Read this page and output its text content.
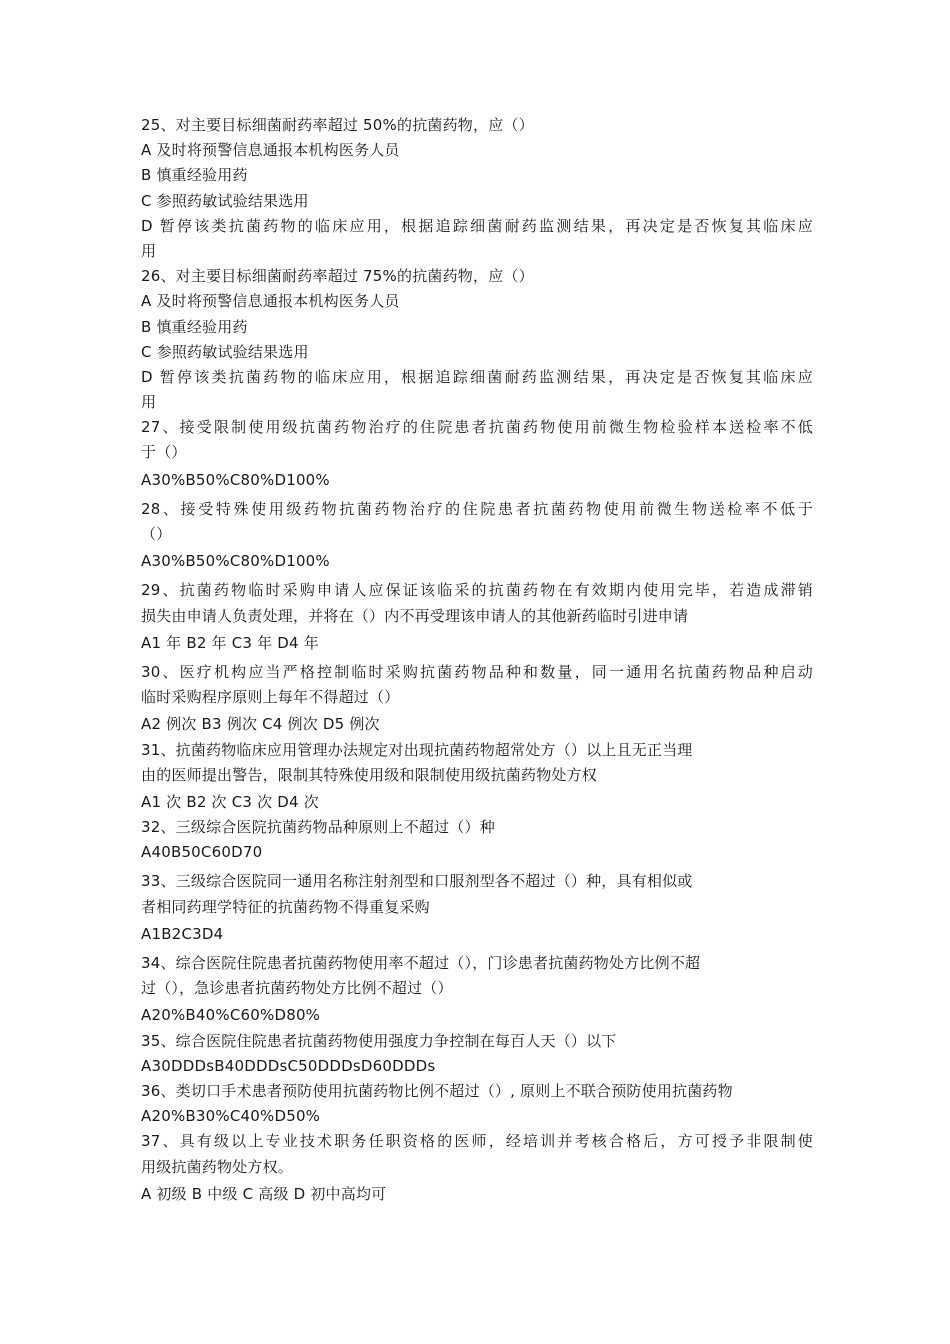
25、对主要目标细菌耐药率超过 50%的抗菌药物，应（）
A 及时将预警信息通报本机构医务人员
B 慎重经验用药
C 参照药敏试验结果选用
D 暂停该类抗菌药物的临床应用，根据追踪细菌耐药监测结果，再决定是否恢复其临床应
用
26、对主要目标细菌耐药率超过 75%的抗菌药物，应（）
A 及时将预警信息通报本机构医务人员
B 慎重经验用药
C 参照药敏试验结果选用
D 暂停该类抗菌药物的临床应用，根据追踪细菌耐药监测结果，再决定是否恢复其临床应
用
27、接受限制使用级抗菌药物治疗的住院患者抗菌药物使用前微生物检验样本送检率不低
于（）
A30%B50%C80%D100%
28、接受特殊使用级药物抗菌药物治疗的住院患者抗菌药物使用前微生物送检率不低于
（）
A30%B50%C80%D100%
29、抗菌药物临时采购申请人应保证该临采的抗菌药物在有效期内使用完毕，若造成滞销
损失由申请人负责处理，并将在（）内不再受理该申请人的其他新药临时引进申请
A1 年 B2 年 C3 年 D4 年
30、医疗机构应当严格控制临时采购抗菌药物品种和数量，同一通用名抗菌药物品种启动
临时采购程序原则上每年不得超过（）
A2 例次 B3 例次 C4 例次 D5 例次
31、抗菌药物临床应用管理办法规定对出现抗菌药物超常处方（）以上且无正当理
由的医师提出警告，限制其特殊使用级和限制使用级抗菌药物处方权
A1 次 B2 次 C3 次 D4 次
32、三级综合医院抗菌药物品种原则上不超过（）种
A40B50C60D70
33、三级综合医院同一通用名称注射剂型和口服剂型各不超过（）种，具有相似或
者相同药理学特征的抗菌药物不得重复采购
A1B2C3D4
34、综合医院住院患者抗菌药物使用率不超过（），门诊患者抗菌药物处方比例不超
过（），急诊患者抗菌药物处方比例不超过（）
A20%B40%C60%D80%
35、综合医院住院患者抗菌药物使用强度力争控制在每百人天（）以下
A30DDDsB40DDDsC50DDDsD60DDDs
36、类切口手术患者预防使用抗菌药物比例不超过（）, 原则上不联合预防使用抗菌药物
A20%B30%C40%D50%
37、具有级以上专业技术职务任职资格的医师，经培训并考核合格后，方可授予非限制使
用级抗菌药物处方权。
A 初级 B 中级 C 高级 D 初中高均可
